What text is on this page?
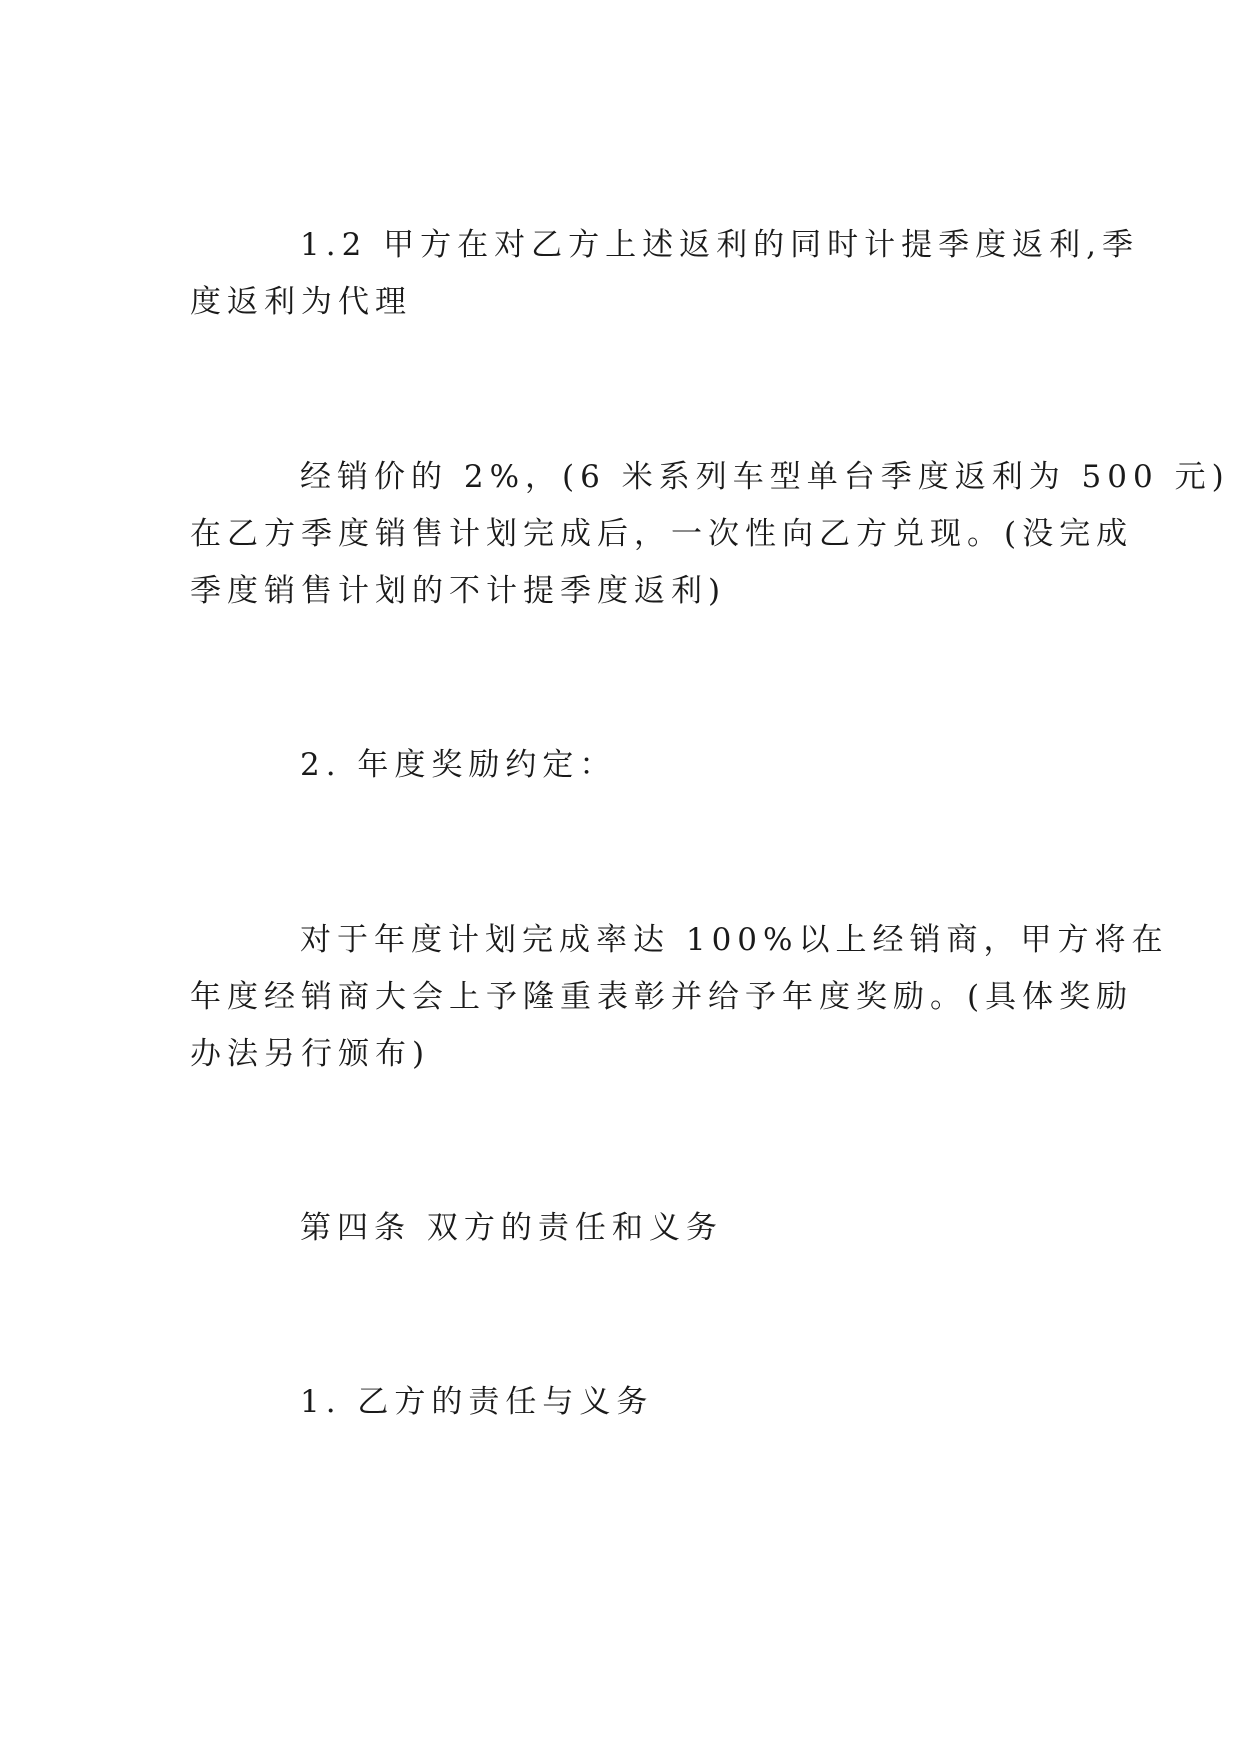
1.2 甲方在对乙方上述返利的同时计提季度返利,季

度返利为代理

经销价的 2%，(6 米系列车型单台季度返利为 500 元)

在乙方季度销售计划完成后，一次性向乙方兑现。(没完成

季度销售计划的不计提季度返利)

2. 年度奖励约定：

对于年度计划完成率达 100%以上经销商，甲方将在

年度经销商大会上予隆重表彰并给予年度奖励。(具体奖励

办法另行颁布)

第四条 双方的责任和义务

1. 乙方的责任与义务
